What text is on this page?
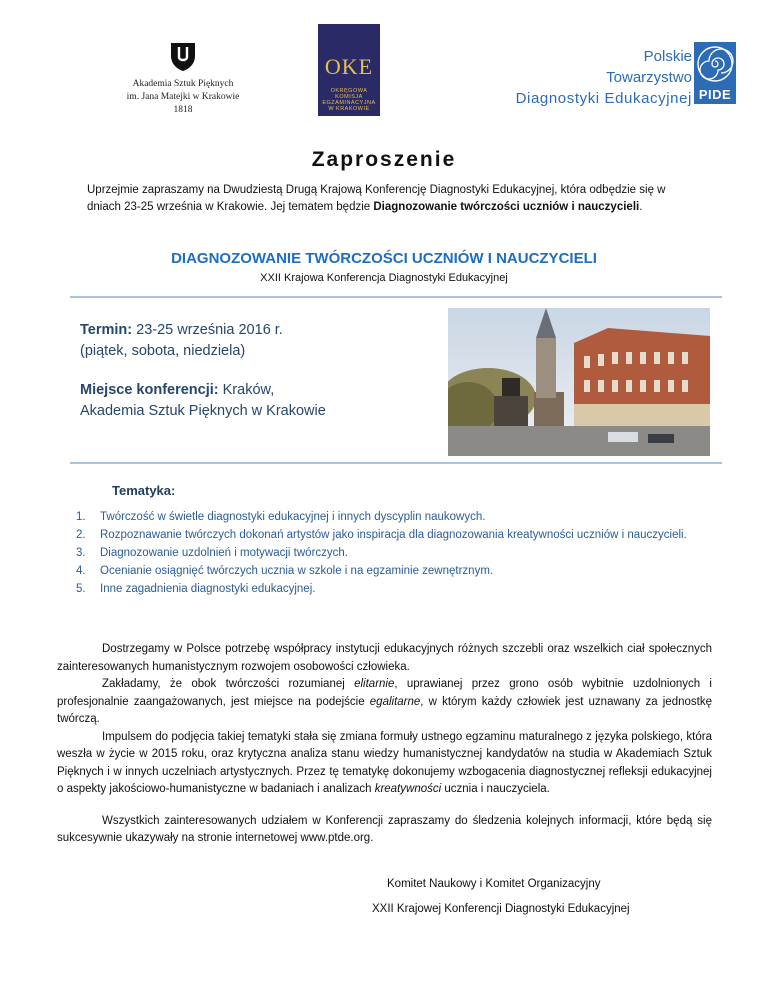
Akademia Sztuk Pięknych
im. Jana Matejki w Krakowie
1818
OKE
OKRĘGOWA
KOMISJA
EGZAMINACYJNA
W KRAKOWIE
Polskie
Towarzystwo
Diagnostyki Edukacyjnej PIDE
Zaproszenie
Uprzejmie zapraszamy na Dwudziestą Drugą Krajową Konferencję Diagnostyki Edukacyjnej, która odbędzie się w dniach 23-25 września w Krakowie. Jej tematem będzie Diagnozowanie twórczości uczniów i nauczycieli.
DIAGNOZOWANIE TWÓRCZOŚCI UCZNIÓW I NAUCZYCIELI
XXII Krajowa Konferencja Diagnostyki Edukacyjnej
Termin: 23-25 września 2016 r.
(piątek, sobota, niedziela)
Miejsce konferencji: Kraków,
Akademia Sztuk Pięknych w Krakowie
Tematyka:
1. Twórczość w świetle diagnostyki edukacyjnej i innych dyscyplin naukowych.
2. Rozpoznawanie twórczych dokonań artystów jako inspiracja dla diagnozowania kreatywności uczniów i nauczycieli.
3. Diagnozowanie uzdolnień i motywacji twórczych.
4. Ocenianie osiągnięć twórczych ucznia w szkole i na egzaminie zewnętrznym.
5. Inne zagadnienia diagnostyki edukacyjnej.

Dostrzegamy w Polsce potrzebę współpracy instytucji edukacyjnych różnych szczebli oraz wszelkich ciał społecznych zainteresowanych humanistycznym rozwojem osobowości człowieka.

Zakładamy, że obok twórczości rozumianej elitarnie, uprawianej przez grono osób wybitnie uzdolnionych i profesjonalnie zaangażowanych, jest miejsce na podejście egalitarne, w którym każdy człowiek jest uznawany za jednostkę twórczą.

Impulsem do podjęcia takiej tematyki stała się zmiana formuły ustnego egzaminu maturalnego z języka polskiego, która weszła w życie w 2015 roku, oraz krytyczna analiza stanu wiedzy humanistycznej kandydatów na studia w Akademiach Sztuk Pięknych i w innych uczelniach artystycznych. Przez tę tematykę dokonujemy wzbogacenia diagnostycznej refleksji edukacyjnej o aspekty jakościowo-humanistyczne w badaniach i analizach kreatywności ucznia i nauczyciela.

Wszystkich zainteresowanych udziałem w Konferencji zapraszamy do śledzenia kolejnych informacji, które będą się sukcesywnie ukazywały na stronie internetowej www.ptde.org.

Komitet Naukowy i Komitet Organizacyjny
XXII Krajowej Konferencji Diagnostyki Edukacyjnej
